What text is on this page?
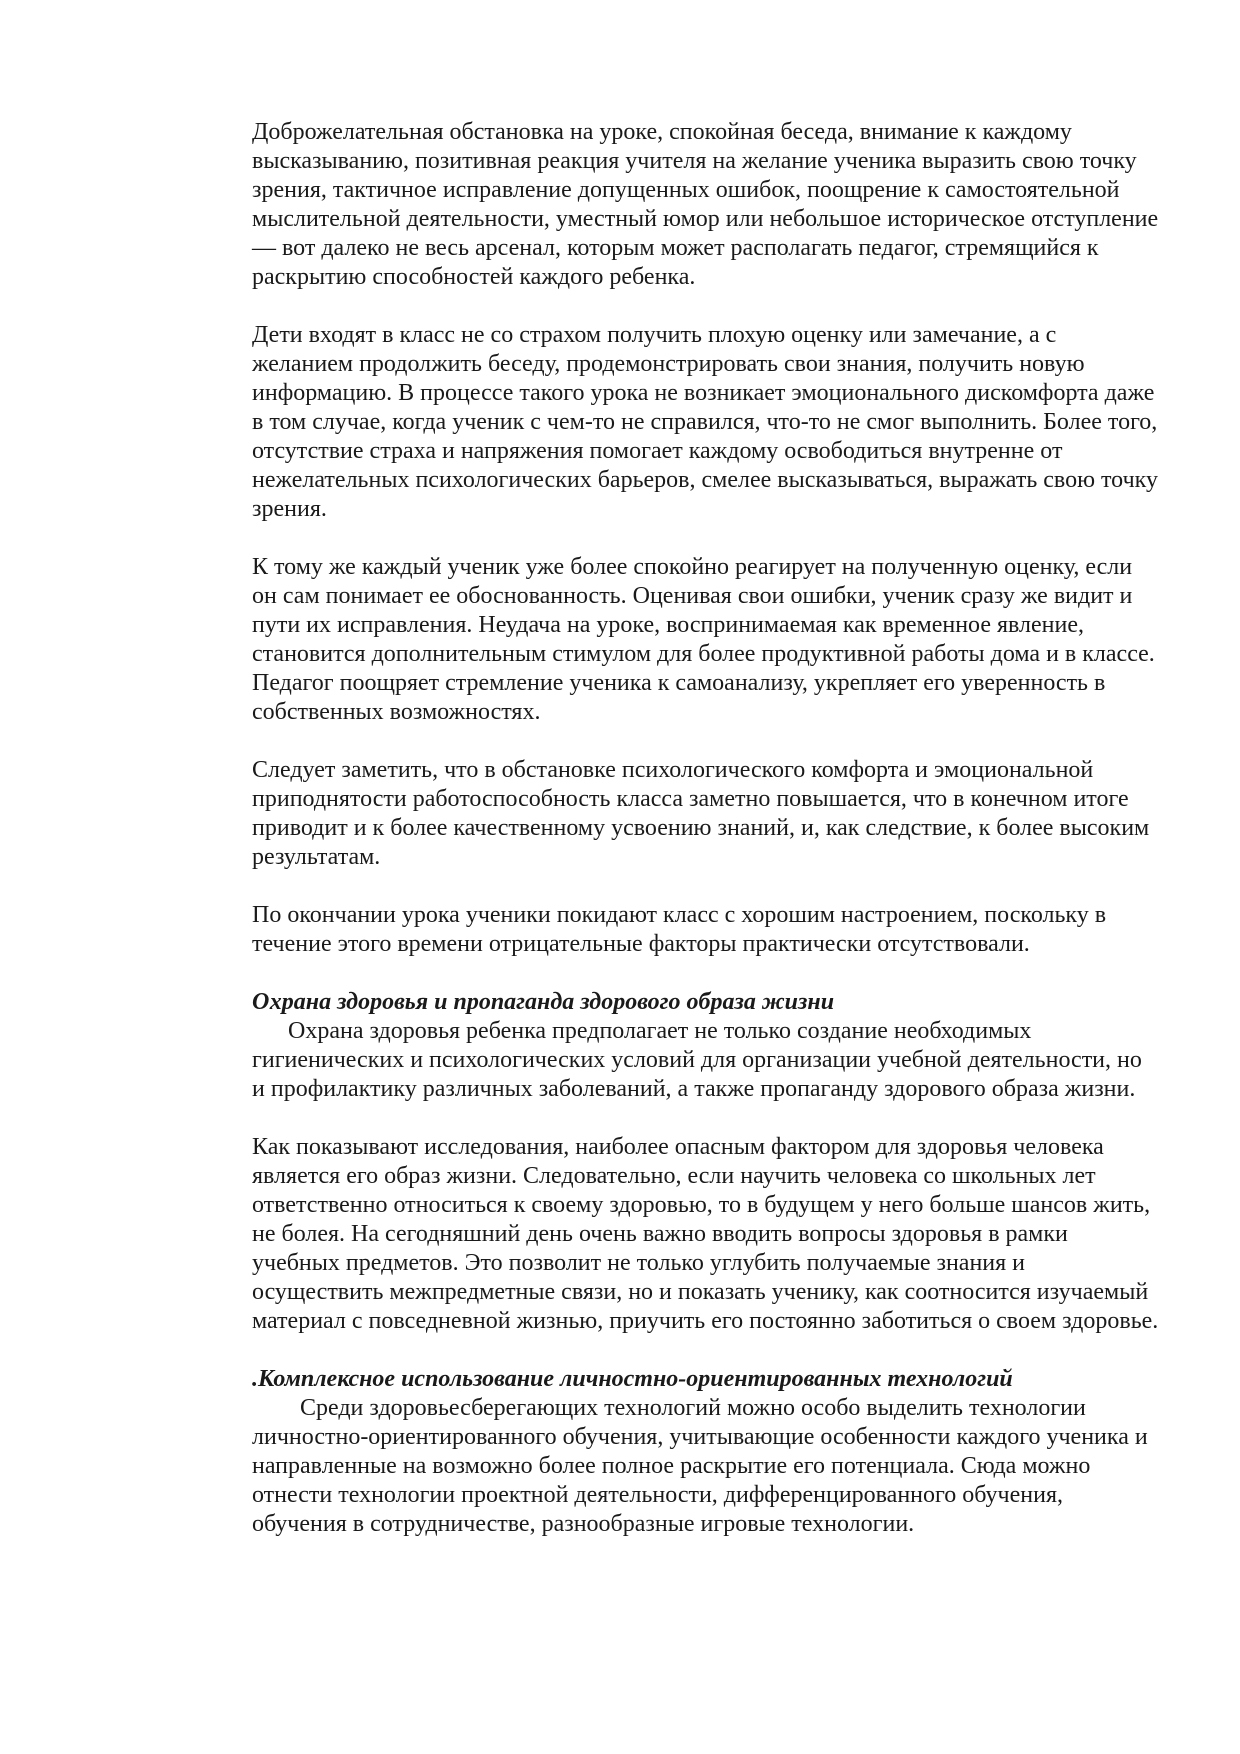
Доброжелательная обстановка на уроке, спокойная беседа, внимание к каждому высказыванию, позитивная реакция учителя на желание ученика выразить свою точку зрения, тактичное исправление допущенных ошибок, поощрение к самостоятельной мыслительной деятельности, уместный юмор или небольшое историческое отступление — вот далеко не весь арсенал, которым может располагать педагог, стремящийся к раскрытию способностей каждого ребенка.

Дети входят в класс не со страхом получить плохую оценку или замечание, а с желанием продолжить беседу, продемонстрировать свои знания, получить новую информацию. В процессе такого урока не возникает эмоционального дискомфорта даже в том случае, когда ученик с чем-то не справился, что-то не смог выполнить. Более того, отсутствие страха и напряжения помогает каждому освободиться внутренне от нежелательных психологических барьеров, смелее высказываться, выражать свою точку зрения.

К тому же каждый ученик уже более спокойно реагирует на полученную оценку, если он сам понимает ее обоснованность. Оценивая свои ошибки, ученик сразу же видит и пути их исправления. Неудача на уроке, воспринимаемая как временное явление, становится дополнительным стимулом для более продуктивной работы дома и в классе. Педагог поощряет стремление ученика к самоанализу, укрепляет его уверенность в собственных возможностях.

Следует заметить, что в обстановке психологического комфорта и эмоциональной приподнятости работоспособность класса заметно повышается, что в конечном итоге приводит и к более качественному усвоению знаний, и, как следствие, к более высоким результатам.

По окончании урока ученики покидают класс с хорошим настроением, поскольку в течение этого времени отрицательные факторы практически отсутствовали.

Охрана здоровья и пропаганда здорового образа жизни

Охрана здоровья ребенка предполагает не только создание необходимых гигиенических и психологических условий для организации учебной деятельности, но и профилактику различных заболеваний, а также пропаганду здорового образа жизни.

Как показывают исследования, наиболее опасным фактором для здоровья человека является его образ жизни. Следовательно, если научить человека со школьных лет ответственно относиться к своему здоровью, то в будущем у него больше шансов жить, не болея. На сегодняшний день очень важно вводить вопросы здоровья в рамки учебных предметов. Это позволит не только углубить получаемые знания и осуществить межпредметные связи, но и показать ученику, как соотносится изучаемый материал с повседневной жизнью, приучить его постоянно заботиться о своем здоровье.

.Комплексное использование личностно-ориентированных технологий

Среди здоровьесберегающих технологий можно особо выделить технологии личностно-ориентированного обучения, учитывающие особенности каждого ученика и направленные на возможно более полное раскрытие его потенциала. Сюда можно отнести технологии проектной деятельности, дифференцированного обучения, обучения в сотрудничестве, разнообразные игровые технологии.
